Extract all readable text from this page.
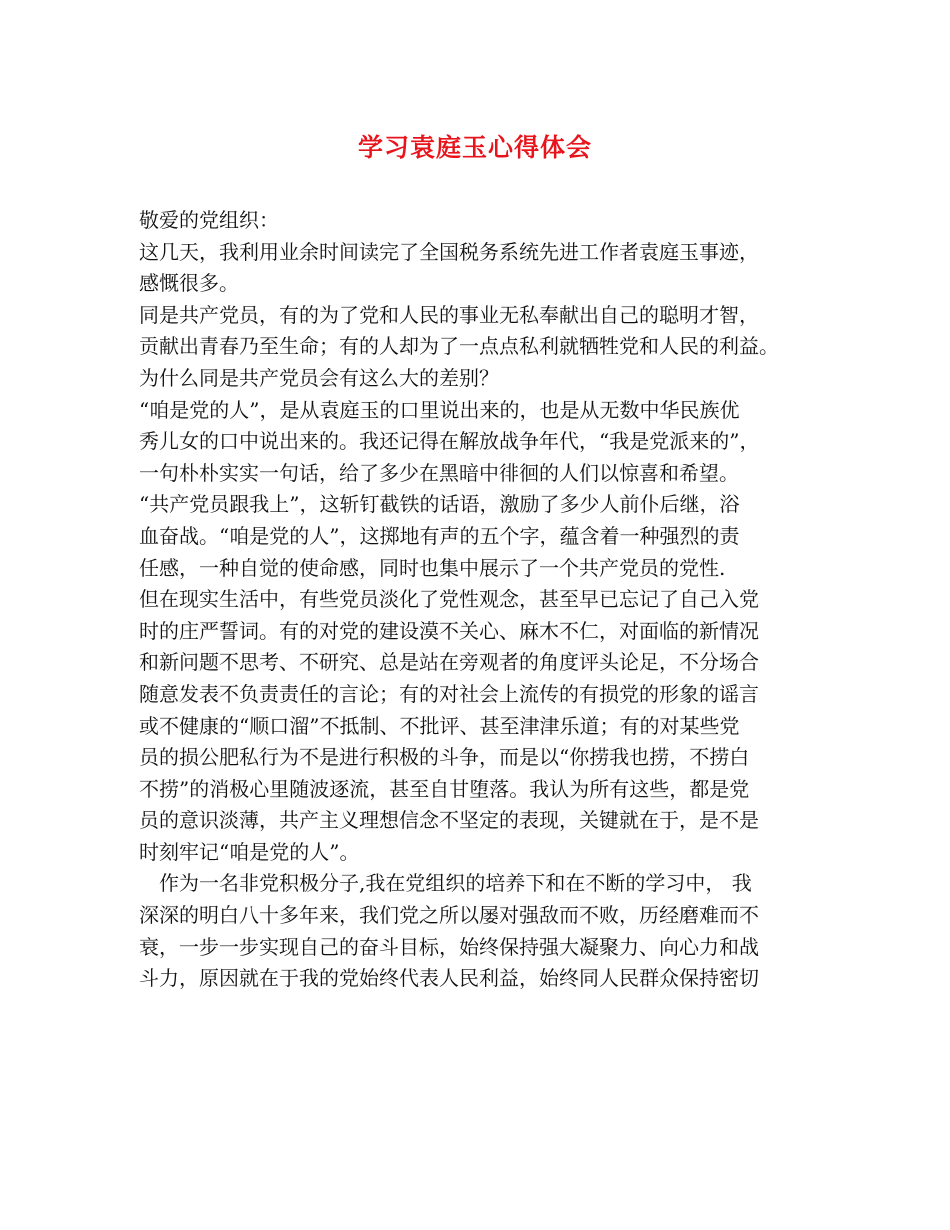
学习袁庭玉心得体会
敬爱的党组织：
这几天，我利用业余时间读完了全国税务系统先进工作者袁庭玉事迹，
感慨很多。
同是共产党员，有的为了党和人民的事业无私奉献出自己的聪明才智，
贡献出青春乃至生命；有的人却为了一点点私利就牺牲党和人民的利益。
为什么同是共产党员会有这么大的差别？
“咱是党的人”，是从袁庭玉的口里说出来的，也是从无数中华民族优
秀儿女的口中说出来的。我还记得在解放战争年代，“我是党派来的”，
一句朴朴实实一句话，给了多少在黑暗中徘徊的人们以惊喜和希望。
“共产党员跟我上”，这斩钉截铁的话语，激励了多少人前仆后继，浴
血奋战。“咱是党的人”，这掷地有声的五个字，蕴含着一种强烈的责
任感，一种自觉的使命感，同时也集中展示了一个共产党员的党性.
但在现实生活中，有些党员淡化了党性观念，甚至早已忘记了自己入党
时的庄严誓词。有的对党的建设漠不关心、麻木不仁，对面临的新情况
和新问题不思考、不研究、总是站在旁观者的角度评头论足，不分场合
随意发表不负责责任的言论；有的对社会上流传的有损党的形象的谣言
或不健康的“顺口溜”不抵制、不批评、甚至津津乐道；有的对某些党
员的损公肥私行为不是进行积极的斗争，而是以“你捞我也捞，不捞白
不捞”的消极心里随波逐流，甚至自甘堕落。我认为所有这些，都是党
员的意识淡薄，共产主义理想信念不坚定的表现，关键就在于，是不是
时刻牢记“咱是党的人”。
　作为一名非党积极分子,我在党组织的培养下和在不断的学习中， 我
深深的明白八十多年来，我们党之所以屡对强敌而不败，历经磨难而不
衰，一步一步实现自己的奋斗目标，始终保持强大凝聚力、向心力和战
斗力，原因就在于我的党始终代表人民利益，始终同人民群众保持密切
